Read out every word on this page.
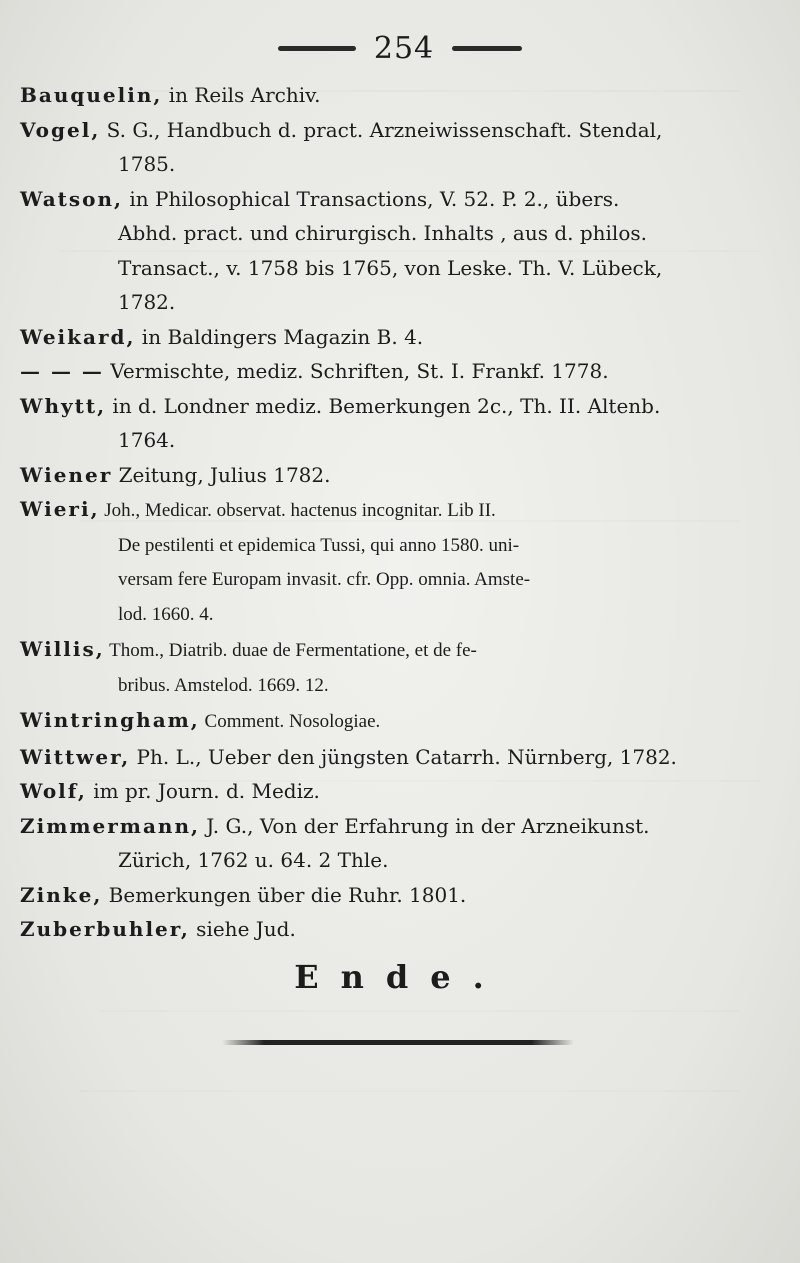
254
Bauquelin, in Reils Archiv.
Vogel, S. G., Handbuch d. pract. Arzneiwissenschaft. Stendal,
1785.
Watson, in Philosophical Transactions, V. 52. P. 2., übers.
Abhd. pract. und chirurgisch. Inhalts , aus d. philos.
Transact., v. 1758 bis 1765, von Leske. Th. V. Lübeck,
1782.
Weikard, in Baldingers Magazin B. 4.
— — — Vermischte, mediz. Schriften, St. I. Frankf. 1778.
Whytt, in d. Londner mediz. Bemerkungen 2c., Th. II. Altenb.
1764.
Wiener Zeitung, Julius 1782.
Wieri, Joh., Medicar. observat. hactenus incognitar. Lib II.
De pestilenti et epidemica Tussi, qui anno 1580. uni-
versam fere Europam invasit. cfr. Opp. omnia. Amste-
lod. 1660. 4.
Willis, Thom., Diatrib. duae de Fermentatione, et de fe-
bribus. Amstelod. 1669. 12.
Wintringham, Comment. Nosologiae.
Wittwer, Ph. L., Ueber den jüngsten Catarrh. Nürnberg, 1782.
Wolf, im pr. Journ. d. Mediz.
Zimmermann, J. G., Von der Erfahrung in der Arzneikunst.
Zürich, 1762 u. 64. 2 Thle.
Zinke, Bemerkungen über die Ruhr. 1801.
Zuberbuhler, siehe Jud.
Ende.
